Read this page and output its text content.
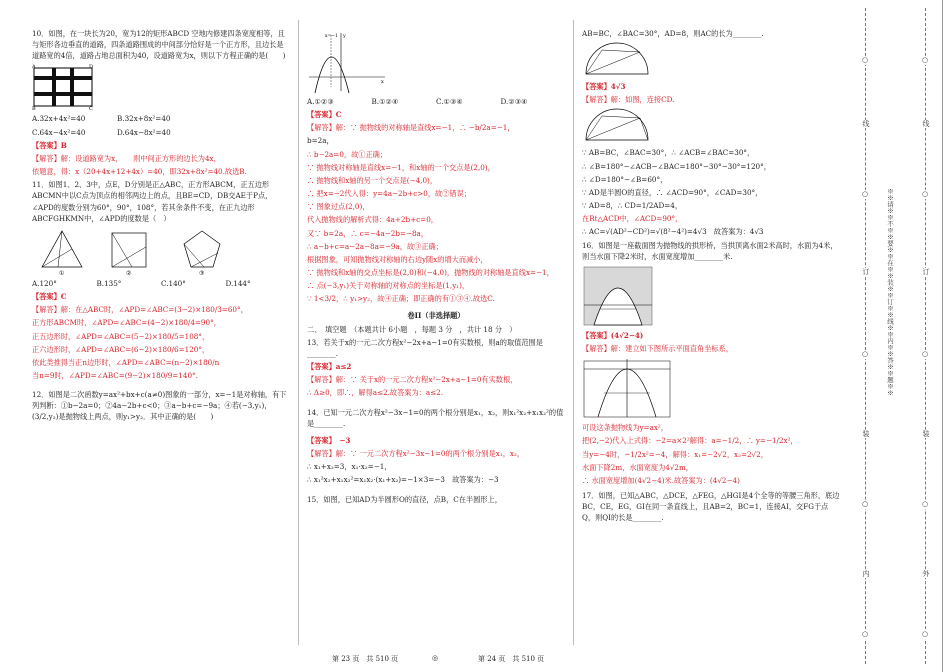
10．如图，在一块长为20，宽为12的矩形ABCD 空地内修建四条宽度相等，且与矩形各边垂直的道路，四条道路围成的中间部分恰好是一个正方形，且边长是道路宽的4倍，道路占地总面积为40，设道路宽为x，则以下方程正确的是(　　)

A	D
B	C
A.32x+4x²=40	B.32x+8x²=40
C.64x−4x²=40	D.64x−8x²=40

【答案】B

【解答】解：设道路宽为x，　　则中间正方形的边长为4x，

依题意，得：x（20+4x+12+4x）=40，即32x+8x²=40.故选B.

11．如图1、2、3中，点E，D分别是正△ABC，正方形ABCM，正五边形ABCMN中以C点为顶点的相邻两边上的点，且BE=CD，DB交AE于P点，∠APD的度数分别为60°，90°，108°，若其余条件不变，在正九边形ABCFGHKMN中，∠APD的度数是（　）

①	②	③
A.120°	B.135°	C.140°	D.144°

【答案】C

【解答】解：在△ABC时，∠APD=∠ABC=(3−2)×180/3=60°，

正方形ABCM时，∠APD=∠ABC=(4−2)×180/4=90°，

正五边形时，∠APD=∠ABC=(5−2)×180/5=108°，

正六边形时，∠APD=∠ABC=(6−2)×180/6=120°，

依此类推得当正n边形时，∠APD=∠ABC=(n−2)×180/n

当n=9时，∠APD=∠ABC=(9−2)×180/9=140°.

12．如图是二次函数y=ax²+bx+c(a≠0)图象的一部分，x=−1是对称轴，有下列判断：①b−2a=0；②4a−2b+c<0；③a−b+c=−9a；④若(−3,y₁)，(3/2,y₂)是抛物线上两点，则y₁>y₂．其中正确的是(　　)

x=−1
x
y
A.①②③	B.①②④	C.①③④	D.②③④

【答案】C

【解答】解：∵ 抛物线的对称轴是直线x=−1，∴ −b/2a=−1，

b=2a，

∴ b−2a=0，故①正确；

∵ 抛物线对称轴是直线x=−1，和x轴的一个交点是(2,0)，

∴ 抛物线和x轴的另一个交点是(−4,0)，

∴ 把x=−2代入得：y=4a−2b+c>0，故②错误；

∵ 图象过点(2,0)，

代入抛物线的解析式得：4a+2b+c=0，

又∵ b=2a，∴ c=−4a−2b=−8a，

∴ a−b+c=a−2a−8a=−9a，故③正确；

根据图象，可知抛物线对称轴的右边y随x的增大而减小，

∵ 抛物线和x轴的交点坐标是(2,0)和(−4,0)，抛物线的对称轴是直线x=−1，

∴ 点(−3,y₁)关于对称轴的对称点的坐标是(1,y₁)，

∵ 1<3/2，∴ y₁>y₂，故④正确；即正确的有①③④.故选C.

卷II（非选择题）

二、　填空题　（本题共计 6小题　，每题 3 分　，共计 18 分　）

13．若关于x的一元二次方程x²−2x+a−1=0有实数根，则a的取值范围是________.

【答案】a≤2

【解答】解：∵ 关于x的一元二次方程x²−2x+a−1=0有实数根，

∴ Δ≥0，即∴，解得a≤2.故答案为：a≤2.

14．已知一元二次方程x²−3x−1=0的两个根分别是x₁，x₂，则x₁²x₂+x₁x₂²的值是________.

【答案】　−3

【解答】解：∵ 一元二次方程x²−3x−1=0的两个根分别是x₁，x₂，

∴ x₁+x₂=3，x₁·x₂=−1，

∴ x₁²x₂+x₁x₂²=x₁x₂·(x₁+x₂)=−1×3=−3　故答案为：−3

15．如图，已知AD为半圆形O的直径，点B，C在半圆形上，

AB=BC，∠BAC=30°，AD=8，则AC的长为________.

【答案】4√3

【解答】解：如图，连接CD.

∵ AB=BC，∠BAC=30°，∴ ∠ACB=∠BAC=30°，

∴ ∠B=180°−∠ACB−∠BAC=180°−30°−30°=120°，

∴ ∠D=180°−∠B=60°，

∵ AD是半圆O的直径，∴ ∠ACD=90°，∠CAD=30°，

∵ AD=8，∴ CD=1/2AD=4，

在Rt△ACD中，∠ACD=90°，

∴ AC=√(AD²−CD²)=√(8²−4²)=4√3　故答案为：4√3

16．如图是一座截面图为抛物线的拱形桥，当拱顶离水面2米高时，水面为4米，则当水面下降2米时，水面宽度增加________米.

【答案】(4√2−4)

【解答】解：建立如下图所示平面直角坐标系，

可设这条抛物线为y=ax²，

把(2,−2)代入上式得：−2=a×2²解得：a=−1/2，∴ y=−1/2x²，

当y=−4时，−1/2x²=−4，解得：x₁=−2√2，x₂=2√2，

水面下降2m，水面宽度为4√2m，

∴ 水面宽度增加(4√2−4)米.故答案为：(4√2−4)

17．如图，已知△ABC，△DCE，△FEG，△HGI是4个全等的等腰三角形，底边BC，CE，EG，GI在同一条直线上，且AB=2，BC=1，连接AI，交FG于点Q，则QI的长是________.

第 23 页　共 510 页	◎	第 24 页　共 510 页
○
线
○
订
○
装
○
内
○
※※请※※不※※要※※在※※装※※订※※线※※内※※答※※题※※
○
线
○
订
○
装
○
外
○
